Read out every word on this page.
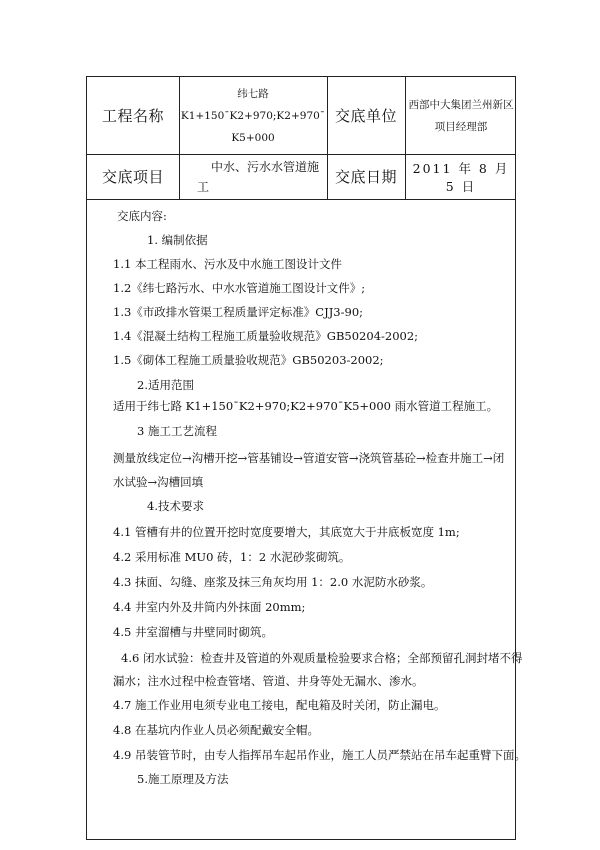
工程名称
纬七路
K1+150¯K2+970;K2+970¯
K5+000
交底单位
西部中大集团兰州新区
项目经理部
交底项目
中水、污水水管道施
工
交底日期	2011 年 8 月 5 日
交底内容:
1. 编制依据
1.1 本工程雨水、污水及中水施工图设计文件
1.2《纬七路污水、中水水管道施工图设计文件》;
1.3《市政排水管渠工程质量评定标准》CJJ3-90;
1.4《混凝土结构工程施工质量验收规范》GB50204-2002;
1.5《砌体工程施工质量验收规范》GB50203-2002;
2.适用范围
适用于纬七路 K1+150¯K2+970;K2+970¯K5+000 雨水管道工程施工。
3 施工工艺流程
测量放线定位→沟槽开挖→管基铺设→管道安管→浇筑管基砼→检查井施工→闭
水试验→沟槽回填
4.技术要求
4.1 管槽有井的位置开挖时宽度要增大，其底宽大于井底板宽度 1m;
4.2 采用标准 MU0 砖，1：2 水泥砂浆砌筑。
4.3 抹面、勾缝、座浆及抹三角灰均用 1：2.0 水泥防水砂浆。
4.4 井室内外及井筒内外抹面 20mm;
4.5 井室溜槽与井壁同时砌筑。
4.6 闭水试验：检查井及管道的外观质量检验要求合格；全部预留孔洞封堵不得
漏水；注水过程中检查管堵、管道、井身等处无漏水、渗水。
4.7 施工作业用电须专业电工接电，配电箱及时关闭，防止漏电。
4.8 在基坑内作业人员必须配戴安全帽。
4.9 吊装管节时，由专人指挥吊车起吊作业，施工人员严禁站在吊车起重臂下面。
5.施工原理及方法
